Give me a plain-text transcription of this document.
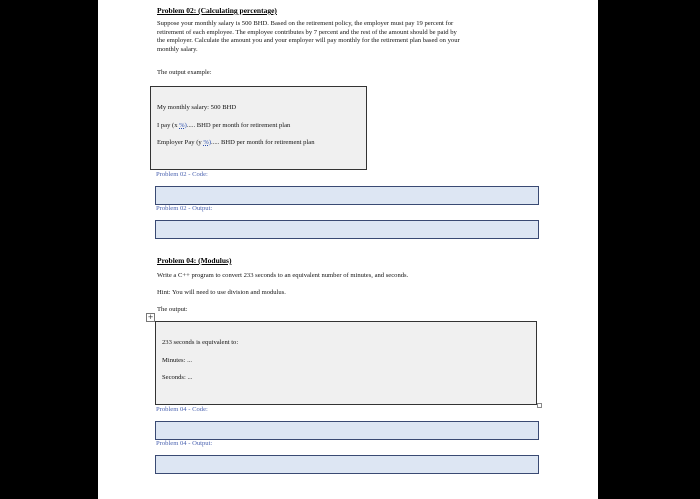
Problem 02: (Calculating percentage)
Suppose your monthly salary is 500 BHD. Based on the retirement policy, the employer must pay 19 percent for
retirement of each employee. The employee contributes by 7 percent and the rest of the amount should be paid by
the employer. Calculate the amount you and your employer will pay monthly for the retirement plan based on your
monthly salary.
The output example:
My monthly salary: 500 BHD
I pay (x %)..... BHD per month for retirement plan
Employer Pay (y %)..... BHD per month for retirement plan
Problem 02 - Code:
Problem 02 - Output:
Problem 04: (Modulus)
Write a C++ program to convert 233 seconds to an equivalent number of minutes, and seconds.
Hint: You will need to use division and modulus.
The output:
+
233 seconds is equivalent to:
Minutes: ...
Seconds: ...
Problem 04 - Code:
Problem 04 - Output:
